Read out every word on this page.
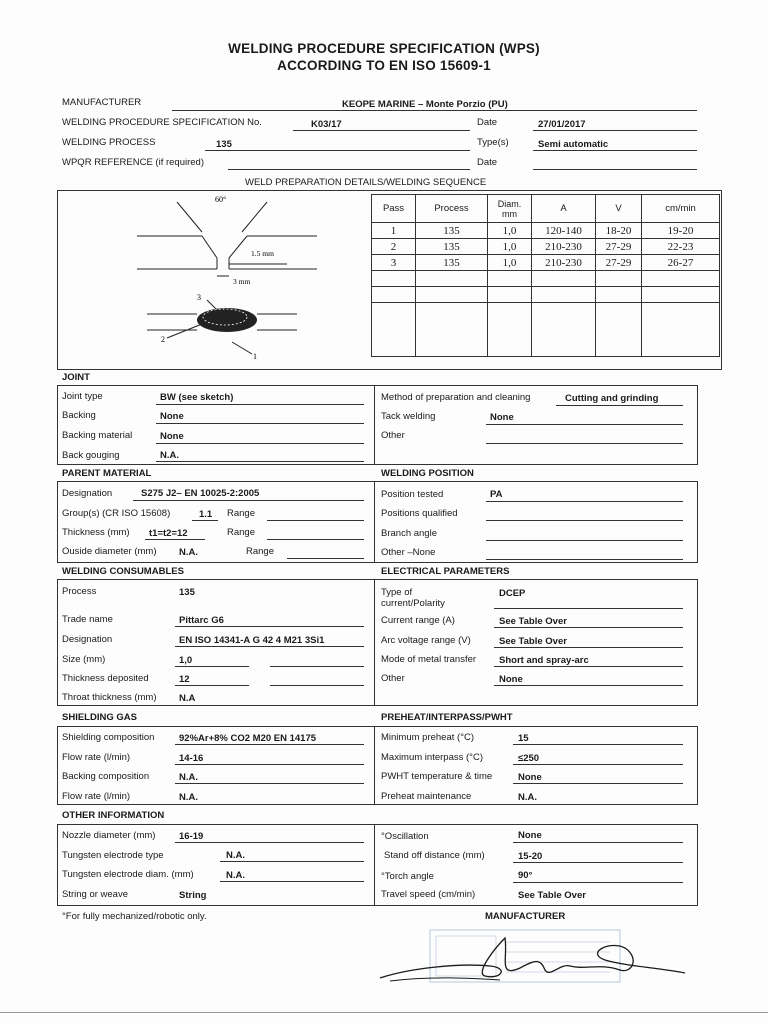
WELDING PROCEDURE SPECIFICATION (WPS)
ACCORDING TO EN ISO 15609-1
MANUFACTURER	KEOPE MARINE – Monte Porzio (PU)
WELDING PROCEDURE SPECIFICATION No.	K03/17	Date	27/01/2017
WELDING PROCESS	135	Type(s)	Semi automatic
WPQR REFERENCE (if required)	Date
WELD PREPARATION DETAILS/WELDING SEQUENCE
60°
1.5 mm
3 mm
3
2
1
Pass	Process	Diam. mm	A	V	cm/min
1	135	1,0	120-140	18-20	19-20
2	135	1,0	210-230	27-29	22-23
3	135	1,0	210-230	27-29	26-27

JOINT
Joint type	BW (see sketch)
Backing	None
Backing material	None
Back gouging	N.A.
Method of preparation and cleaning	Cutting and grinding
Tack welding	None
Other
PARENT MATERIAL	WELDING POSITION
Designation	S275 J2– EN 10025-2:2005
Group(s) (CR ISO 15608)	1.1 Range
Thickness (mm) t1=t2=12	Range
Ouside diameter (mm) N.A.	Range
Position tested	PA
Positions qualified
Branch angle
Other –None
WELDING CONSUMABLES	ELECTRICAL PARAMETERS
Process	135
Trade name	Pittarc G6
Designation	EN ISO 14341-A G 42 4 M21 3Si1
Size (mm)	1,0
Thickness deposited	12
Throat thickness (mm) N.A
Type of
current/Polarity
DCEP
Current range (A)	See Table Over
Arc voltage range (V)	See Table Over
Mode of metal transfer Short and spray-arc
Other	None
SHIELDING GAS	PREHEAT/INTERPASS/PWHT
Shielding composition	92%Ar+8% CO2 M20 EN 14175
Flow rate (l/min)	14-16
Backing composition	N.A.
Flow rate (l/min)	N.A.
Minimum preheat (°C)	15
Maximum interpass (°C)	≤250
PWHT temperature & time	None
Preheat maintenance	N.A.
OTHER INFORMATION
Nozzle diameter (mm) 16-19
Tungsten electrode type	N.A.
Tungsten electrode diam. (mm)	N.A.
String or weave	String
°Oscillation	None
Stand off distance (mm)	15-20
°Torch angle	90°
Travel speed (cm/min)	See Table Over
°For fully mechanized/robotic only.	MANUFACTURER
